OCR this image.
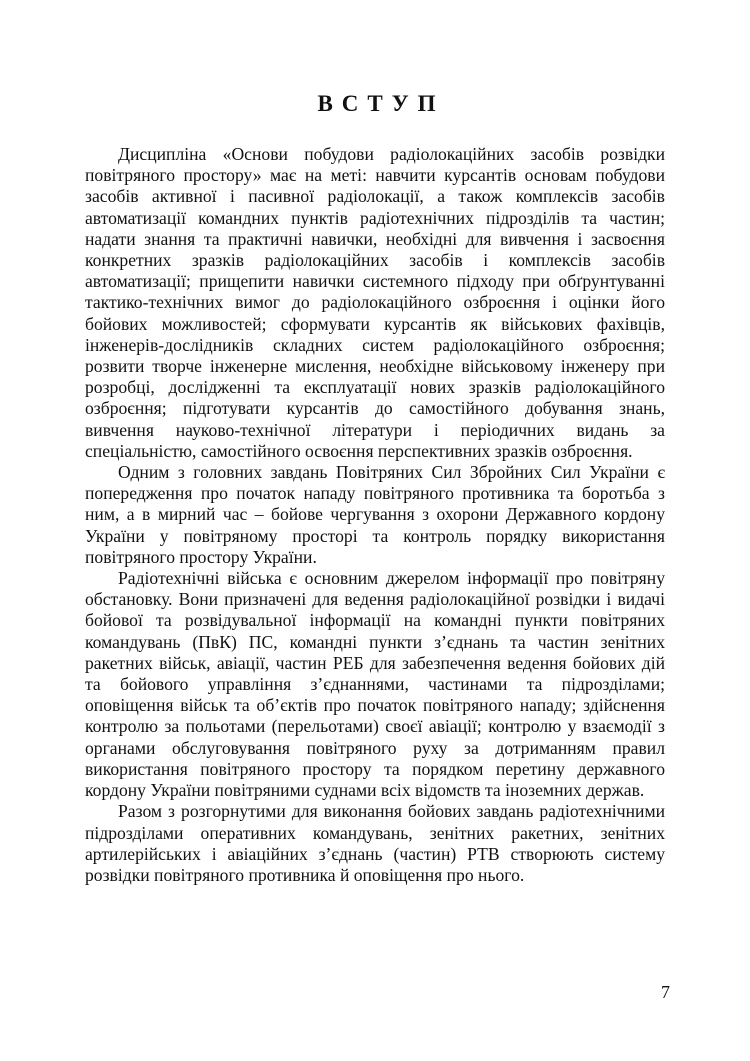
ВСТУП

Дисципліна «Основи побудови радіолокаційних засобів розвідки повітряного простору» має на меті: навчити курсантів основам побудови засобів активної і пасивної радіолокації, а також комплексів засобів автоматизації командних пунктів радіотехнічних підрозділів та частин; надати знання та практичні навички, необхідні для вивчення і засвоєння конкретних зразків радіолокаційних засобів і комплексів засобів автоматизації; прищепити навички системного підходу при обґрунтуванні тактико-технічних вимог до радіолокаційного озброєння і оцінки його бойових можливостей; сформувати курсантів як військових фахівців, інженерів-дослідників складних систем радіолокаційного озброєння; розвити творче інженерне мислення, необхідне військовому інженеру при розробці, дослідженні та експлуатації нових зразків радіолокаційного озброєння; підготувати курсантів до самостійного добування знань, вивчення науково-технічної літератури і періодичних видань за спеціальністю, самостійного освоєння перспективних зразків озброєння.

Одним з головних завдань Повітряних Сил Збройних Сил України є попередження про початок нападу повітряного противника та боротьба з ним, а в мирний час – бойове чергування з охорони Державного кордону України у повітряному просторі та контроль порядку використання повітряного простору України.

Радіотехнічні війська є основним джерелом інформації про повітряну обстановку. Вони призначені для ведення радіолокаційної розвідки і видачі бойової та розвідувальної інформації на командні пункти повітряних командувань (ПвК) ПС, командні пункти з’єднань та частин зенітних ракетних військ, авіації, частин РЕБ для забезпечення ведення бойових дій та бойового управління з’єднаннями, частинами та підрозділами; оповіщення військ та об’єктів про початок повітряного нападу; здійснення контролю за польотами (перельотами) своєї авіації; контролю у взаємодії з органами обслуговування повітряного руху за дотриманням правил використання повітряного простору та порядком перетину державного кордону України повітряними суднами всіх відомств та іноземних держав.

Разом з розгорнутими для виконання бойових завдань радіотехнічними підрозділами оперативних командувань, зенітних ракетних, зенітних артилерійських і авіаційних з’єднань (частин) РТВ створюють систему розвідки повітряного противника й оповіщення про нього.

7
